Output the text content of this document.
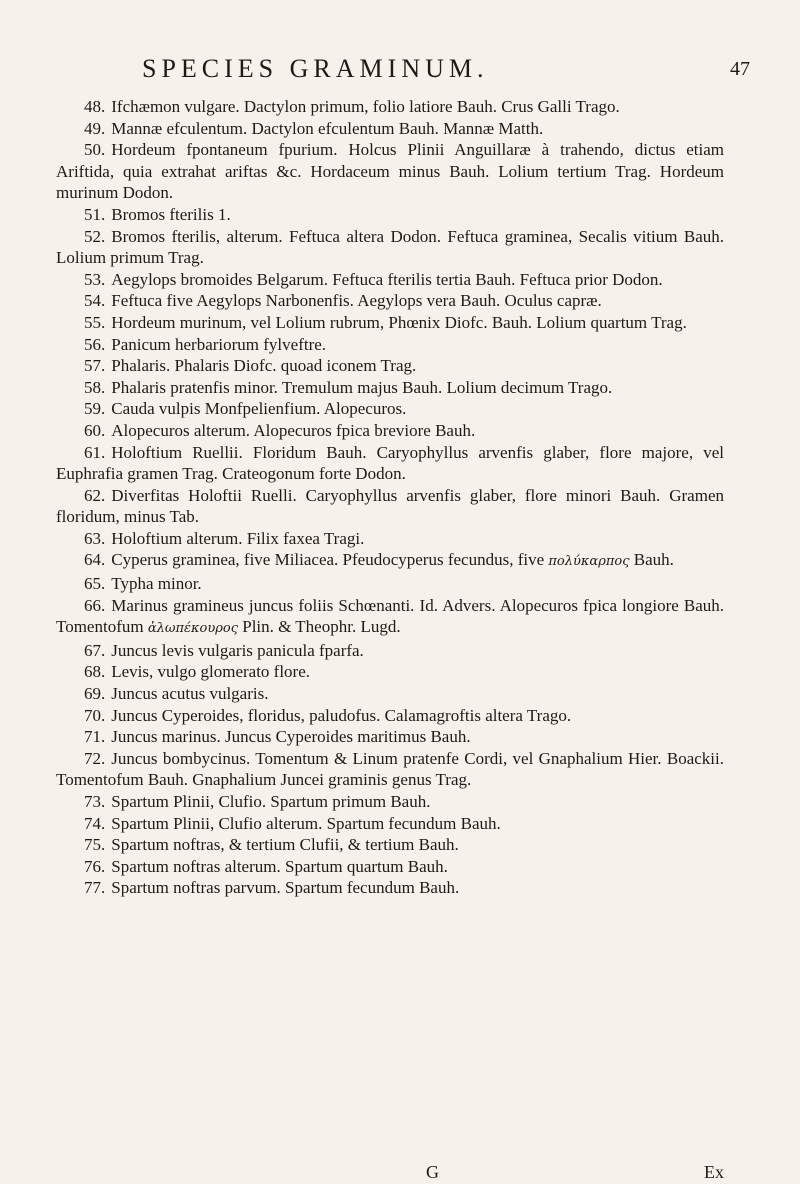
SPECIES GRAMINUM.	47
48. Ifchæmon vulgare. Dactylon primum, folio latiore Bauh. Crus Galli Trago.
49. Mannæ efculentum. Dactylon efculentum Bauh. Mannæ Matth.
50. Hordeum fpontaneum fpurium. Holcus Plinii Anguillaræ à trahendo, dictus etiam Ariftida, quia extrahat ariftas &c. Hordaceum minus Bauh. Lolium tertium Trag. Hordeum murinum Dodon.
51. Bromos fterilis 1.
52. Bromos fterilis, alterum. Feftuca altera Dodon. Feftuca graminea, Secalis vitium Bauh. Lolium primum Trag.
53. Aegylops bromoides Belgarum. Feftuca fterilis tertia Bauh. Feftuca prior Dodon.
54. Feftuca five Aegylops Narbonenfis. Aegylops vera Bauh. Oculus capræ.
55. Hordeum murinum, vel Lolium rubrum, Phœnix Diofc. Bauh. Lolium quartum Trag.
56. Panicum herbariorum fylveftre.
57. Phalaris. Phalaris Diofc. quoad iconem Trag.
58. Phalaris pratenfis minor. Tremulum majus Bauh. Lolium decimum Trago.
59. Cauda vulpis Monfpelienfium. Alopecuros.
60. Alopecuros alterum. Alopecuros fpica breviore Bauh.
61. Holoftium Ruellii. Floridum Bauh. Caryophyllus arvenfis glaber, flore majore, vel Euphrafia gramen Trag. Crateogonum forte Dodon.
62. Diverfitas Holoftii Ruelli. Caryophyllus arvenfis glaber, flore minori Bauh. Gramen floridum, minus Tab.
63. Holoftium alterum. Filix faxea Tragi.
64. Cyperus graminea, five Miliacea. Pfeudocyperus fecundus, five πολύκαρπος Bauh.
65. Typha minor.
66. Marinus gramineus juncus foliis Schœnanti. Id. Advers. Alopecuros fpica longiore Bauh. Tomentofum ἀλωπέκουρος Plin. & Theophr. Lugd.
67. Juncus levis vulgaris panicula fparfa.
68. Levis, vulgo glomerato flore.
69. Juncus acutus vulgaris.
70. Juncus Cyperoides, floridus, paludofus. Calamagroftis altera Trago.
71. Juncus marinus. Juncus Cyperoides maritimus Bauh.
72. Juncus bombycinus. Tomentum & Linum pratenfe Cordi, vel Gnaphalium Hier. Boackii. Tomentofum Bauh. Gnaphalium Juncei graminis genus Trag.
73. Spartum Plinii, Clufio. Spartum primum Bauh.
74. Spartum Plinii, Clufio alterum. Spartum fecundum Bauh.
75. Spartum noftras, & tertium Clufii, & tertium Bauh.
76. Spartum noftras alterum. Spartum quartum Bauh.
77. Spartum noftras parvum. Spartum fecundum Bauh.
G	Ex
